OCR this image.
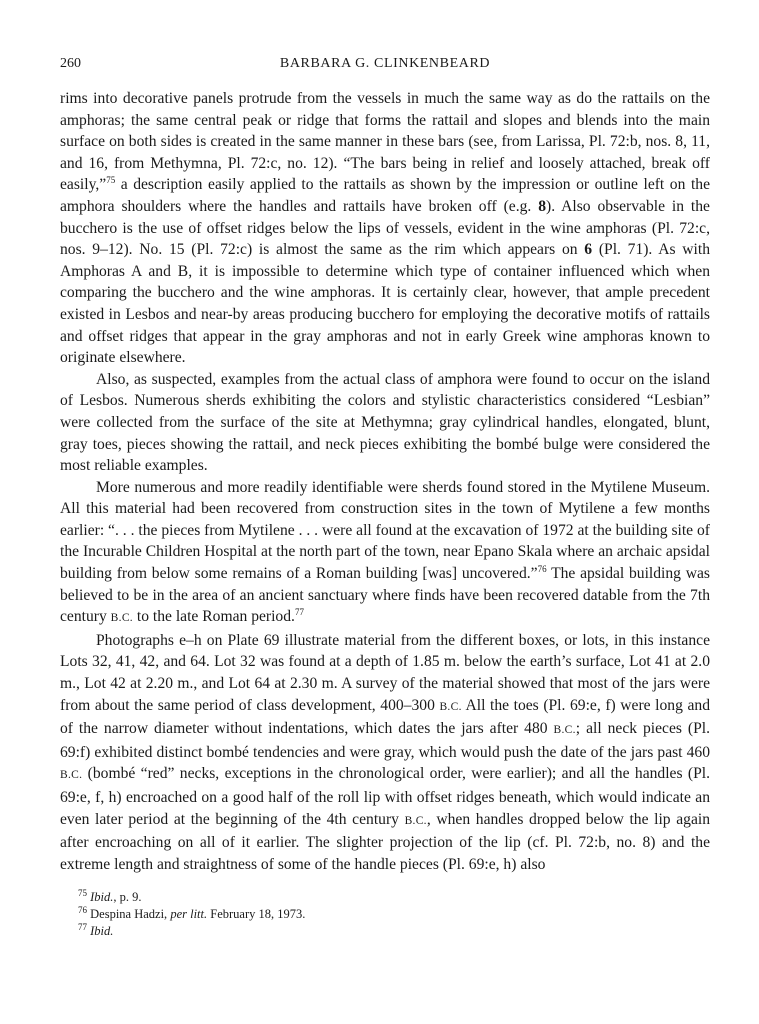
260	BARBARA G. CLINKENBEARD

rims into decorative panels protrude from the vessels in much the same way as do the rattails on the amphoras; the same central peak or ridge that forms the rattail and slopes and blends into the main surface on both sides is created in the same manner in these bars (see, from Larissa, Pl. 72:b, nos. 8, 11, and 16, from Methymna, Pl. 72:c, no. 12). “The bars being in relief and loosely attached, break off easily,”$^{75}$ a description easily applied to the rattails as shown by the impression or outline left on the amphora shoulders where the handles and rattails have broken off (e.g. 8). Also observable in the bucchero is the use of offset ridges below the lips of vessels, evident in the wine amphoras (Pl. 72:c, nos. 9–12). No. 15 (Pl. 72:c) is almost the same as the rim which appears on 6 (Pl. 71). As with Amphoras A and B, it is impossible to determine which type of container influenced which when comparing the bucchero and the wine amphoras. It is certainly clear, however, that ample precedent existed in Lesbos and near-by areas producing bucchero for employing the decorative motifs of rattails and offset ridges that appear in the gray amphoras and not in early Greek wine amphoras known to originate elsewhere.

Also, as suspected, examples from the actual class of amphora were found to occur on the island of Lesbos. Numerous sherds exhibiting the colors and stylistic characteristics considered “Lesbian” were collected from the surface of the site at Methymna; gray cylindrical handles, elongated, blunt, gray toes, pieces showing the rattail, and neck pieces exhibiting the bombé bulge were considered the most reliable examples.

More numerous and more readily identifiable were sherds found stored in the Mytilene Museum. All this material had been recovered from construction sites in the town of Mytilene a few months earlier: “. . . the pieces from Mytilene . . . were all found at the excavation of 1972 at the building site of the Incurable Children Hospital at the north part of the town, near Epano Skala where an archaic apsidal building from below some remains of a Roman building [was] uncovered.”$^{76}$ The apsidal building was believed to be in the area of an ancient sanctuary where finds have been recovered datable from the 7th century B.C. to the late Roman period.$^{77}$

Photographs e–h on Plate 69 illustrate material from the different boxes, or lots, in this instance Lots 32, 41, 42, and 64. Lot 32 was found at a depth of 1.85 m. below the earth’s surface, Lot 41 at 2.0 m., Lot 42 at 2.20 m., and Lot 64 at 2.30 m. A survey of the material showed that most of the jars were from about the same period of class development, 400–300 B.C. All the toes (Pl. 69:e, f) were long and of the narrow diameter without indentations, which dates the jars after 480 B.C.; all neck pieces (Pl. 69:f) exhibited distinct bombé tendencies and were gray, which would push the date of the jars past 460 B.C. (bombé “red” necks, exceptions in the chronological order, were earlier); and all the handles (Pl. 69:e, f, h) encroached on a good half of the roll lip with offset ridges beneath, which would indicate an even later period at the beginning of the 4th century B.C., when handles dropped below the lip again after encroaching on all of it earlier. The slighter projection of the lip (cf. Pl. 72:b, no. 8) and the extreme length and straightness of some of the handle pieces (Pl. 69:e, h) also

$^{75}$ Ibid., p. 9.
$^{76}$ Despina Hadzi, per litt. February 18, 1973.
$^{77}$ Ibid.
